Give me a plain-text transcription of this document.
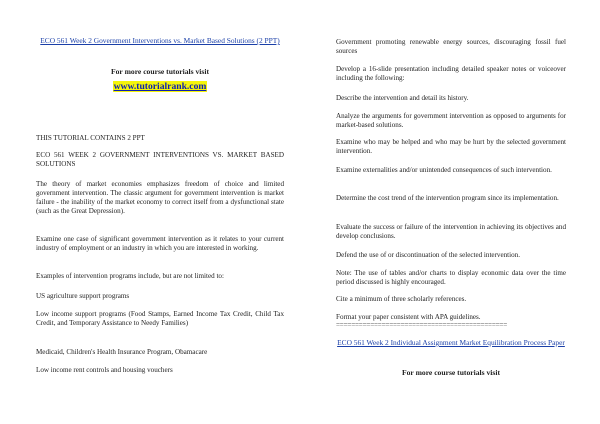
ECO 561 Week 2 Government Interventions vs. Market Based Solutions (2 PPT)

For more course tutorials visit

www.tutorialrank.com

THIS TUTORIAL CONTAINS 2 PPT

ECO 561 WEEK 2 GOVERNMENT INTERVENTIONS VS. MARKET BASED SOLUTIONS

The theory of market economies emphasizes freedom of choice and limited government intervention. The classic argument for government intervention is market failure - the inability of the market economy to correct itself from a dysfunctional state (such as the Great Depression).

Examine one case of significant government intervention as it relates to your current industry of employment or an industry in which you are interested in working.

Examples of intervention programs include, but are not limited to:

US agriculture support programs

Low income support programs (Food Stamps, Earned Income Tax Credit, Child Tax Credit, and Temporary Assistance to Needy Families)

Medicaid, Children's Health Insurance Program, Obamacare

Low income rent controls and housing vouchers

Government promoting renewable energy sources, discouraging fossil fuel sources

Develop a 16-slide presentation including detailed speaker notes or voiceover including the following:

Describe the intervention and detail its history.

Analyze the arguments for government intervention as opposed to arguments for market-based solutions.

Examine who may be helped and who may be hurt by the selected government intervention.

Examine externalities and/or unintended consequences of such intervention.

Determine the cost trend of the intervention program since its implementation.

Evaluate the success or failure of the intervention in achieving its objectives and develop conclusions.

Defend the use of or discontinuation of the selected intervention.

Note: The use of tables and/or charts to display economic data over the time period discussed is highly encouraged.

Cite a minimum of three scholarly references.

Format your paper consistent with APA guidelines.

=============================================
ECO 561 Week 2 Individual Assignment Market Equilibration Process Paper

For more course tutorials visit
